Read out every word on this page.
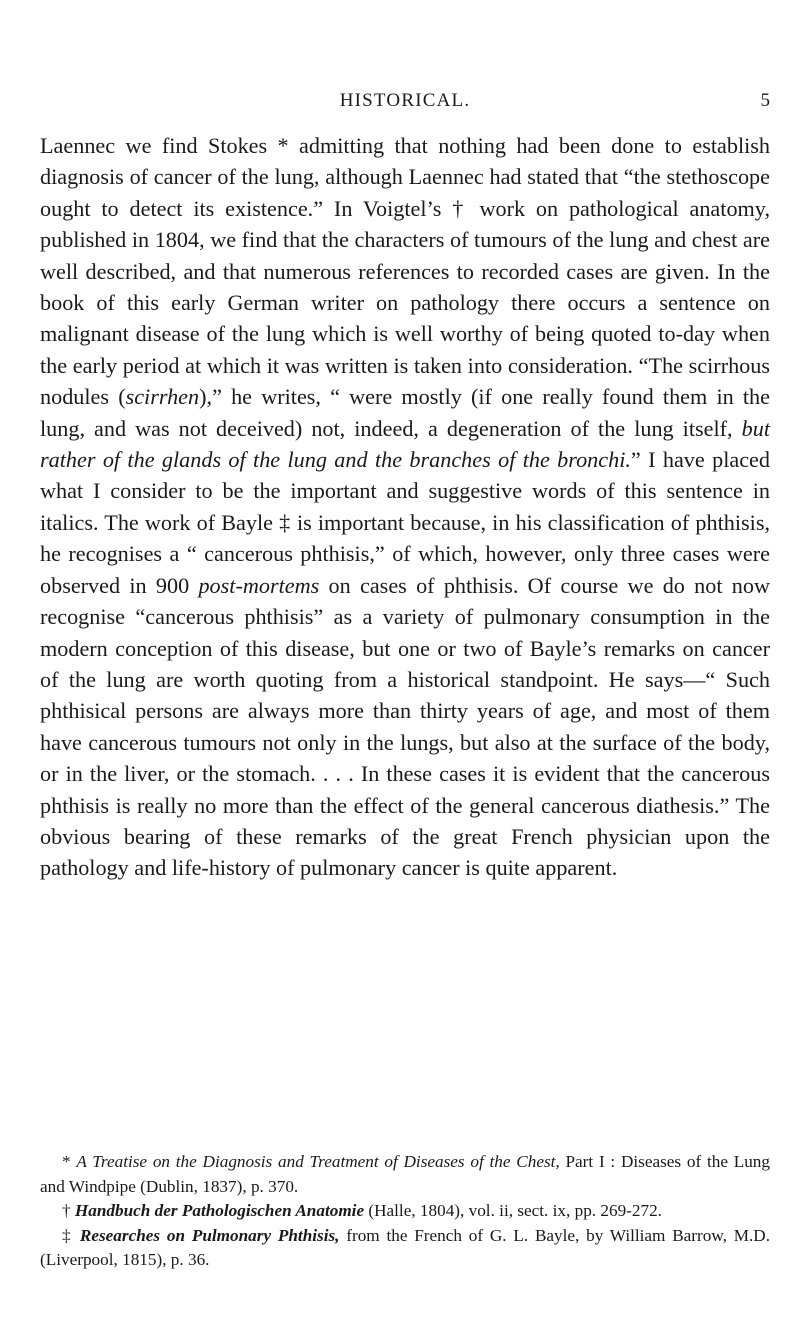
HISTORICAL.	5

Laennec we find Stokes * admitting that nothing had been done to establish diagnosis of cancer of the lung, although Laennec had stated that “the stethoscope ought to detect its existence.” In Voigtel’s † work on pathological anatomy, published in 1804, we find that the characters of tumours of the lung and chest are well described, and that numerous references to recorded cases are given. In the book of this early German writer on pathology there occurs a sentence on malignant disease of the lung which is well worthy of being quoted to-day when the early period at which it was written is taken into consideration. “The scirrhous nodules (scirrhen),” he writes, “ were mostly (if one really found them in the lung, and was not deceived) not, indeed, a degeneration of the lung itself, but rather of the glands of the lung and the branches of the bronchi.” I have placed what I consider to be the important and suggestive words of this sentence in italics. The work of Bayle ‡ is important because, in his classification of phthisis, he recognises a “ cancerous phthisis,” of which, however, only three cases were observed in 900 post-mortems on cases of phthisis. Of course we do not now recognise “cancerous phthisis” as a variety of pulmonary consumption in the modern conception of this disease, but one or two of Bayle’s remarks on cancer of the lung are worth quoting from a historical standpoint. He says—“ Such phthisical persons are always more than thirty years of age, and most of them have cancerous tumours not only in the lungs, but also at the surface of the body, or in the liver, or the stomach. . . . In these cases it is evident that the cancerous phthisis is really no more than the effect of the general cancerous diathesis.” The obvious bearing of these remarks of the great French physician upon the pathology and life-history of pulmonary cancer is quite apparent.

* A Treatise on the Diagnosis and Treatment of Diseases of the Chest, Part I : Diseases of the Lung and Windpipe (Dublin, 1837), p. 370.

† Handbuch der Pathologischen Anatomie (Halle, 1804), vol. ii, sect. ix, pp. 269-272.

‡ Researches on Pulmonary Phthisis, from the French of G. L. Bayle, by William Barrow, M.D. (Liverpool, 1815), p. 36.
